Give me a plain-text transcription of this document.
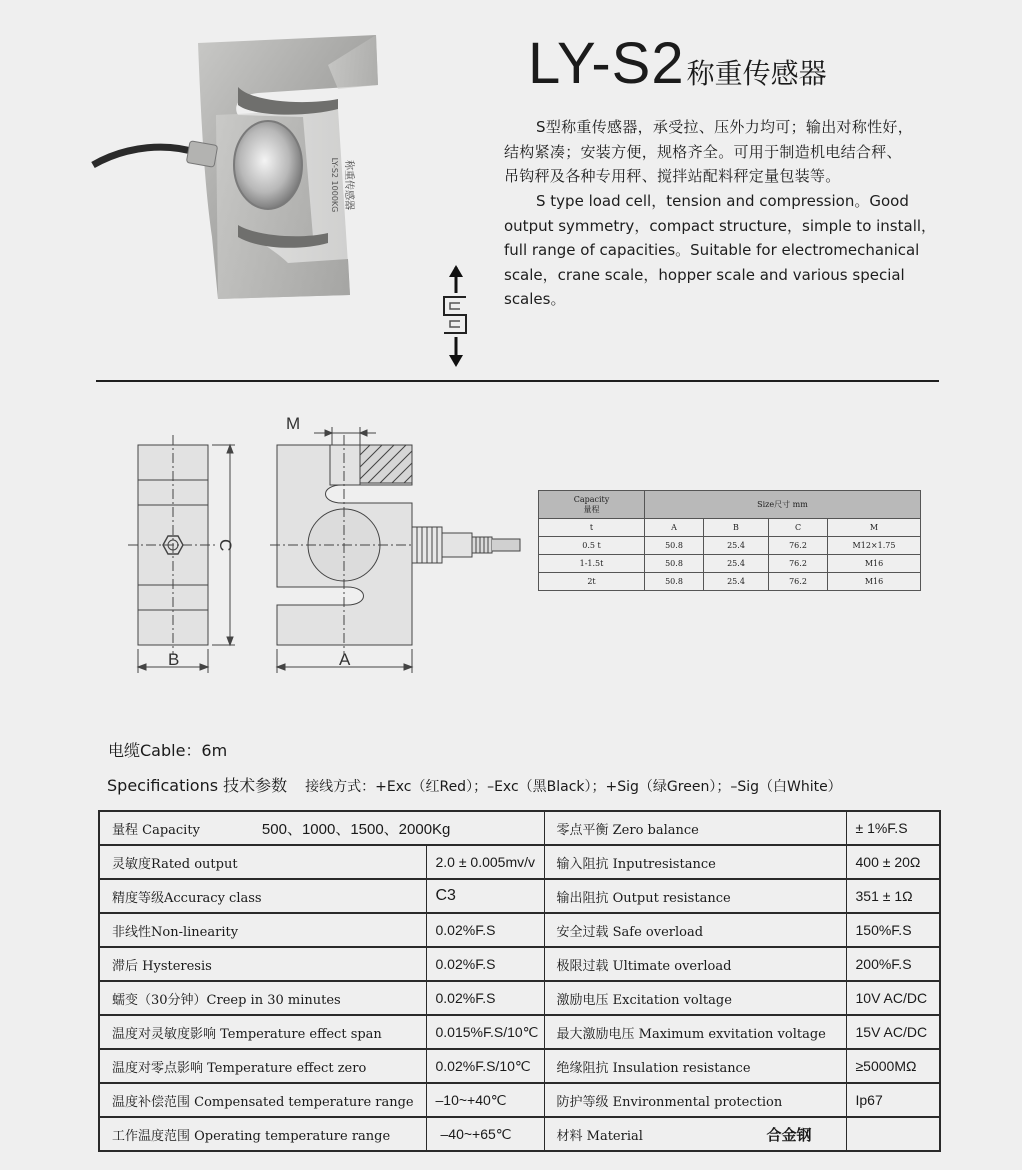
称重传感器
LY-S2 1000KG
LY-S2称重传感器
S型称重传感器，承受拉、压外力均可；输出对称性好，
结构紧凑；安装方便，规格齐全。可用于制造机电结合秤、
吊钩秤及各种专用秤、搅拌站配料秤定量包装等。
S type load cell，tension and compression。Good
output symmetry，compact structure，simple to install，
full range of capacities。Suitable for electromechanical
scale，crane scale，hopper scale and various special
scales。
M
C
B	A
Capacity
量程	Size尺寸 mm			
t	A	B	C	M
0.5 t	50.8	25.4	76.2	M12×1.75
1-1.5t	50.8	25.4	76.2	M16
2t	50.8	25.4	76.2	M16
电缆Cable：6m
Specifications 技术参数 接线方式：+Exc（红Red）；–Exc（黑Black）；+Sig（绿Green）；–Sig（白White）
量程 Capacity	500、1000、1500、2000Kg	零点平衡 Zero balance	± 1%F.S
灵敏度Rated output	2.0 ± 0.005mv/v	输入阻抗 Inputresistance	400 ± 20Ω
精度等级Accuracy class	C3	输出阻抗 Output resistance	351 ± 1Ω
非线性Non-linearity	0.02%F.S	安全过载 Safe overload	150%F.S
滞后 Hysteresis	0.02%F.S	极限过载 Ultimate overload	200%F.S
蠕变（30分钟）Creep in 30 minutes	0.02%F.S	激励电压 Excitation voltage	10V AC/DC
温度对灵敏度影响 Temperature effect span	0.015%F.S/10℃	最大激励电压 Maximum exvitation voltage	15V AC/DC
温度对零点影响 Temperature effect zero	0.02%F.S/10℃	绝缘阻抗 Insulation resistance	≥5000MΩ
温度补偿范围 Compensated temperature range	–10~+40℃	防护等级 Environmental protection	Ip67
工作温度范围 Operating temperature range	–40~+65℃	材料 Material	合金钢
